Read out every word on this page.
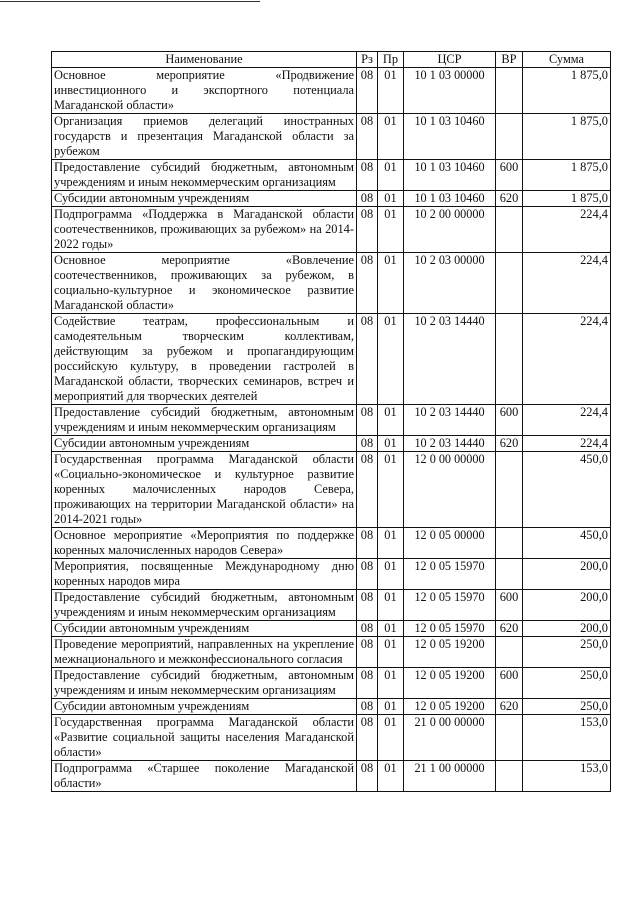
Наименование	Рз	Пр	ЦСР	ВР	Сумма
Основное мероприятие «Продвижение инвестиционного и экспортного потенциала Магаданской области»	08	01	10 1 03 00000		1 875,0
Организация приемов делегаций иностранных государств и презентация Магаданской области за рубежом	08	01	10 1 03 10460		1 875,0
Предоставление субсидий бюджетным, автономным учреждениям и иным некоммерческим организациям	08	01	10 1 03 10460	600	1 875,0
Субсидии автономным учреждениям	08	01	10 1 03 10460	620	1 875,0
Подпрограмма «Поддержка в Магаданской области соотечественников, проживающих за рубежом» на 2014-2022 годы»	08	01	10 2 00 00000		224,4
Основное мероприятие «Вовлечение соотечественников, проживающих за рубежом, в социально-культурное и экономическое развитие Магаданской области»	08	01	10 2 03 00000		224,4
Содействие театрам, профессиональным и самодеятельным творческим коллективам, действующим за рубежом и пропагандирующим российскую культуру, в проведении гастролей в Магаданской области, творческих семинаров, встреч и мероприятий для творческих деятелей	08	01	10 2 03 14440		224,4
Предоставление субсидий бюджетным, автономным учреждениям и иным некоммерческим организациям	08	01	10 2 03 14440	600	224,4
Субсидии автономным учреждениям	08	01	10 2 03 14440	620	224,4
Государственная программа Магаданской области «Социально-экономическое и культурное развитие коренных малочисленных народов Севера, проживающих на территории Магаданской области» на 2014-2021 годы»	08	01	12 0 00 00000		450,0
Основное мероприятие «Мероприятия по поддержке коренных малочисленных народов Севера»	08	01	12 0 05 00000		450,0
Мероприятия, посвященные Международному дню коренных народов мира	08	01	12 0 05 15970		200,0
Предоставление субсидий бюджетным, автономным учреждениям и иным некоммерческим организациям	08	01	12 0 05 15970	600	200,0
Субсидии автономным учреждениям	08	01	12 0 05 15970	620	200,0
Проведение мероприятий, направленных на укрепление межнационального и межконфессионального согласия	08	01	12 0 05 19200		250,0
Предоставление субсидий бюджетным, автономным учреждениям и иным некоммерческим организациям	08	01	12 0 05 19200	600	250,0
Субсидии автономным учреждениям	08	01	12 0 05 19200	620	250,0
Государственная программа Магаданской области «Развитие социальной защиты населения Магаданской области»	08	01	21 0 00 00000		153,0
Подпрограмма «Старшее поколение Магаданской области»	08	01	21 1 00 00000		153,0
